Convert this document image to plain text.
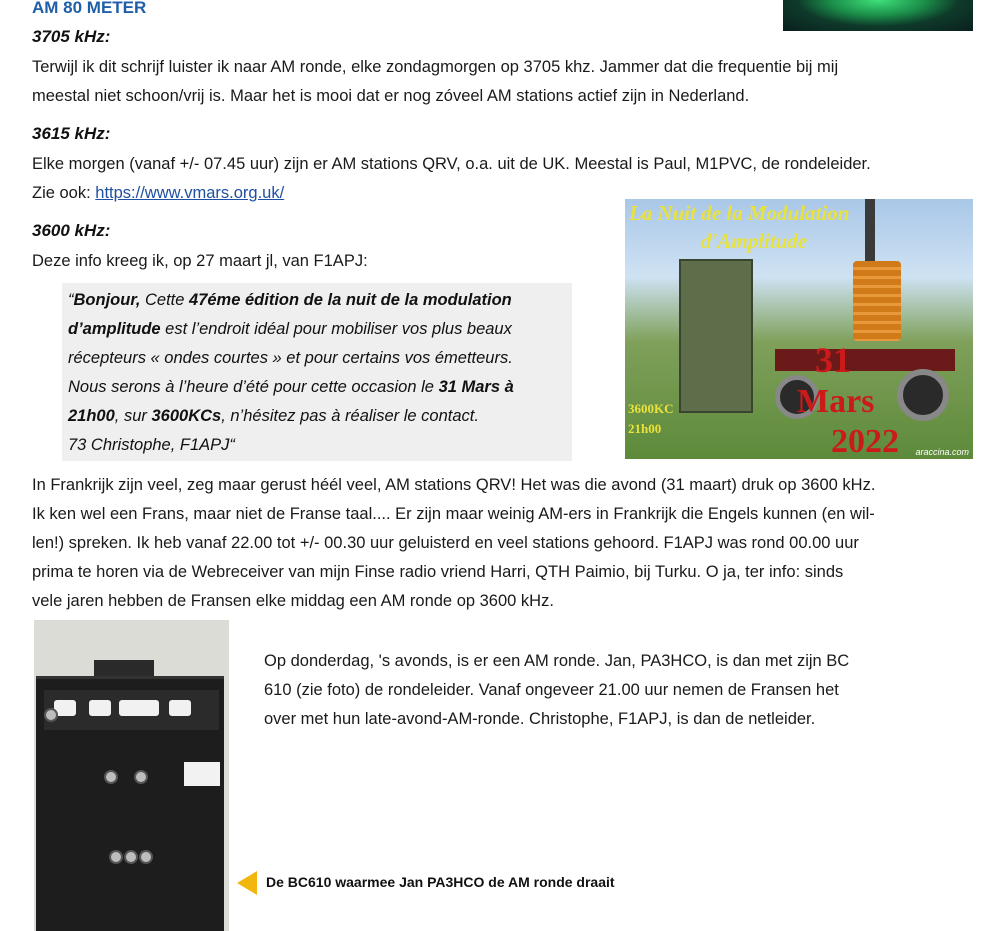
AM 80 METER
3705 kHz:
Terwijl ik dit schrijf luister ik naar AM ronde, elke zondagmorgen op 3705 khz. Jammer dat die frequentie bij mij
meestal niet schoon/vrij is. Maar het is mooi dat er nog zóveel AM stations actief zijn in Nederland.
3615 kHz:
Elke morgen (vanaf +/- 07.45 uur) zijn er AM stations QRV, o.a. uit de UK. Meestal is Paul, M1PVC, de rondeleider.
Zie ook: https://www.vmars.org.uk/
3600 kHz:
Deze info kreeg ik, op 27 maart jl, van F1APJ:
“Bonjour, Cette 47éme édition de la nuit de la modulation
d’amplitude est l’endroit idéal pour mobiliser vos plus beaux
récepteurs « ondes courtes » et pour certains vos émetteurs.
Nous serons à l’heure d’été pour cette occasion le 31 Mars à
21h00, sur 3600KCs, n’hésitez pas à réaliser le contact.
73 Christophe, F1APJ“
La Nuit de la Modulation
d'Amplitude
31
Mars
2022
3600KC
21h00
araccina.com
In Frankrijk zijn veel, zeg maar gerust héél veel, AM stations QRV! Het was die avond (31 maart) druk op 3600 kHz.
Ik ken wel een Frans, maar niet de Franse taal.... Er zijn maar weinig AM-ers in Frankrijk die Engels kunnen (en wil-
len!) spreken. Ik heb vanaf 22.00 tot +/- 00.30 uur geluisterd en veel stations gehoord. F1APJ was rond 00.00 uur
prima te horen via de Webreceiver van mijn Finse radio vriend Harri, QTH Paimio, bij Turku. O ja, ter info: sinds
vele jaren hebben de Fransen elke middag een AM ronde op 3600 kHz.
Op donderdag, 's avonds, is er een AM ronde. Jan, PA3HCO, is dan met zijn BC
610 (zie foto) de rondeleider. Vanaf ongeveer 21.00 uur nemen de Fransen het
over met hun late-avond-AM-ronde. Christophe, F1APJ, is dan de netleider.
De BC610 waarmee Jan PA3HCO de AM ronde draait
